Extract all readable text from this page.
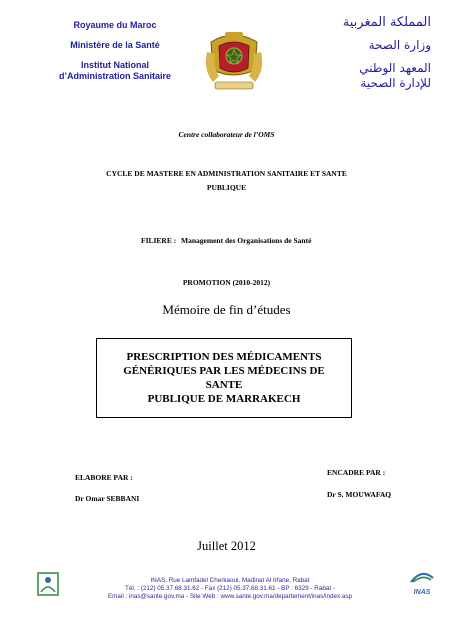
Royaume du Maroc
Ministère de la Santé
Institut National
d’Administration Sanitaire
المملكة المغربية
وزارة الصحة
المعهد الوطني
للإدارة الصحية
Centre collaborateur de l’OMS
CYCLE DE MASTERE EN ADMINISTRATION SANITAIRE ET SANTE
PUBLIQUE
FILIERE : Management des Organisations de Santé
PROMOTION (2010-2012)
Mémoire de fin d’études
PRESCRIPTION DES MÉDICAMENTS
GÉNÉRIQUES PAR LES MÉDECINS DE SANTE
PUBLIQUE DE MARRAKECH
ELABORE PAR :
Dr Omar SEBBANI
ENCADRE PAR :
Dr S. MOUWAFAQ
Juillet 2012
INAS, Rue Lamfadel Cherkaoui, Madinat Al Irfane, Rabat
Tél. : (212) 05.37.68.31.62 - Fax (212) 05.37.68.31.61 - BP : 6329 - Rabat -
Email : inas@sante.gov.ma - Site Web : www.sante.gov.ma/departement/inas/index.asp
INAS
